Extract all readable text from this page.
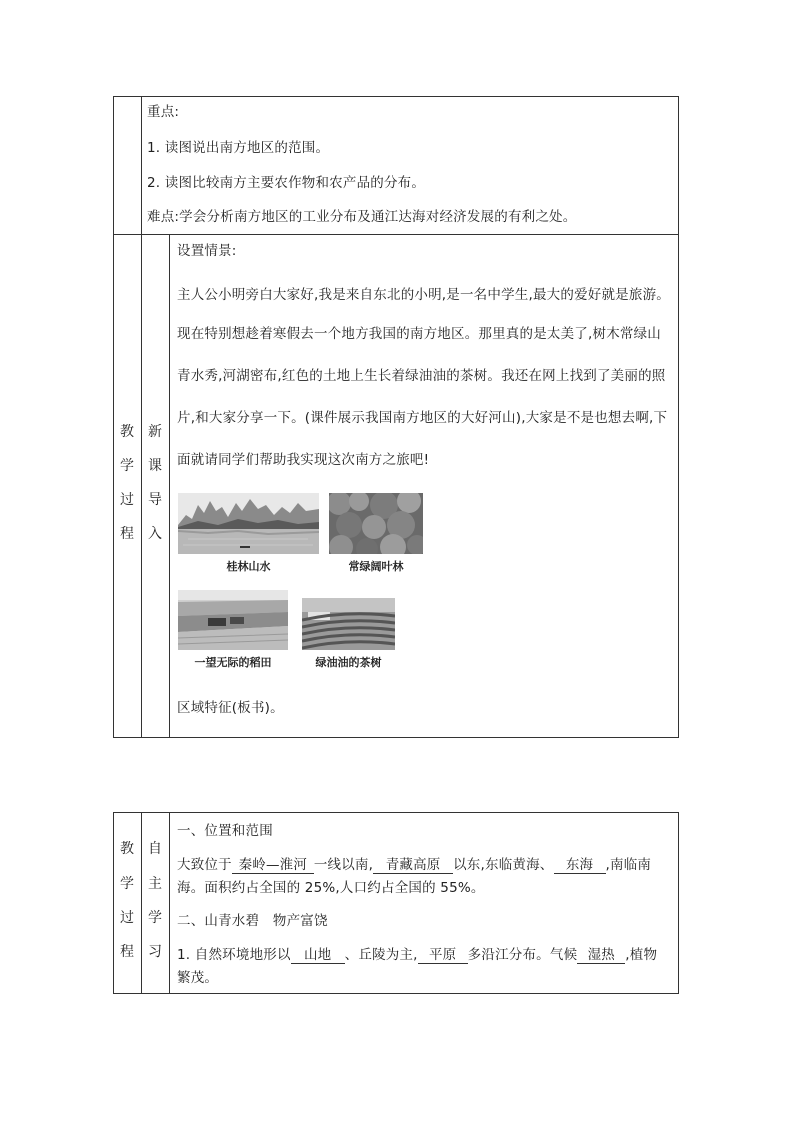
重点:
1. 读图说出南方地区的范围。
2. 读图比较南方主要农作物和农产品的分布。
难点:学会分析南方地区的工业分布及通江达海对经济发展的有利之处。
教
学
过
程
新
课
导
入
设置情景:
主人公小明旁白大家好,我是来自东北的小明,是一名中学生,最大的爱好就是旅游。
现在特别想趁着寒假去一个地方我国的南方地区。那里真的是太美了,树木常绿山
青水秀,河湖密布,红色的土地上生长着绿油油的茶树。我还在网上找到了美丽的照
片,和大家分享一下。(课件展示我国南方地区的大好河山),大家是不是也想去啊,下
面就请同学们帮助我实现这次南方之旅吧!
桂林山水	常绿阔叶林
一望无际的稻田	绿油油的茶树
区域特征(板书)。
教
学
过
程
自
主
学
习
一、位置和范围
大致位于 秦岭—淮河 一线以南, 青藏高原 以东,东临黄海、 东海 ,南临南
海。面积约占全国的 25%,人口约占全国的 55%。
二、山青水碧　物产富饶
1. 自然环境地形以 山地 、丘陵为主, 平原 多沿江分布。气候 湿热 ,植物
繁茂。
